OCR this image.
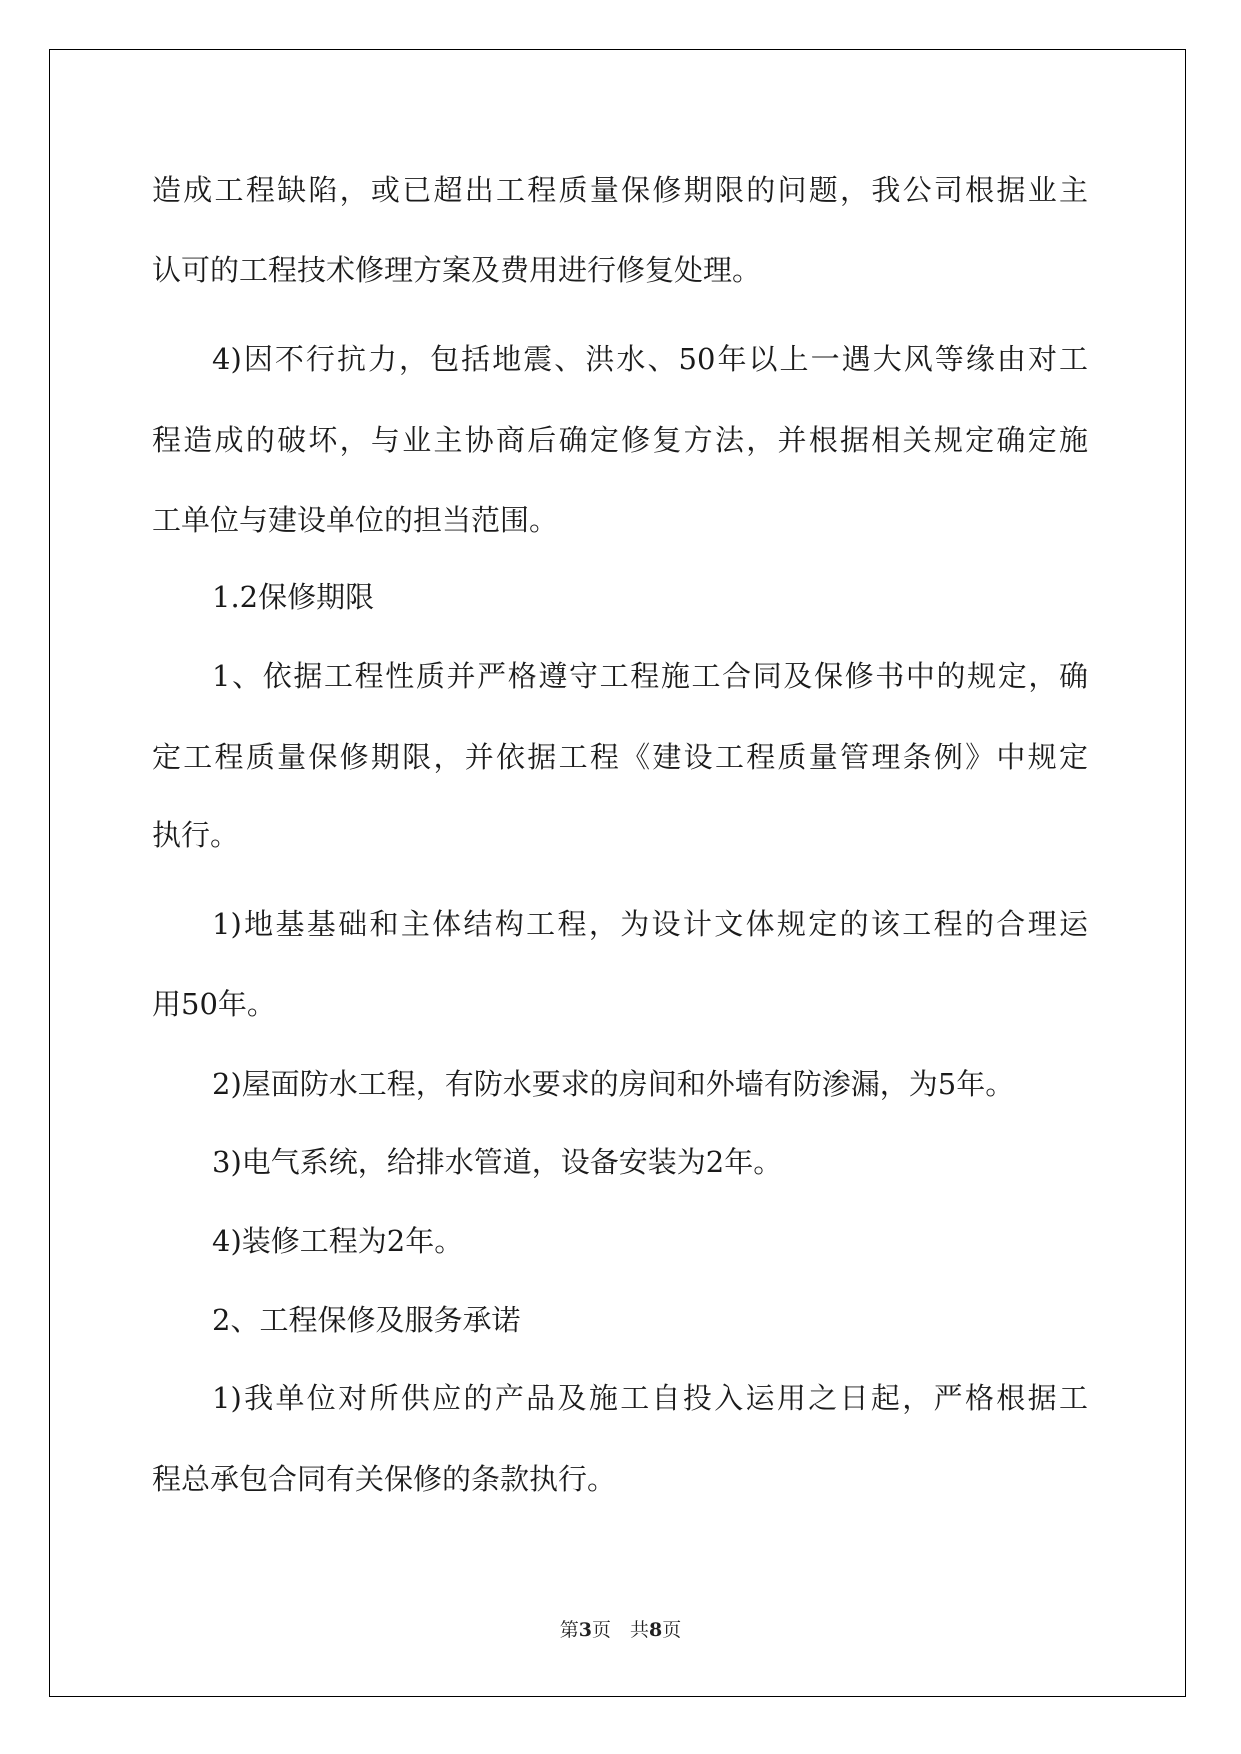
造成工程缺陷，或已超出工程质量保修期限的问题，我公司根据业主

认可的工程技术修理方案及费用进行修复处理。

4)因不行抗力，包括地震、洪水、50年以上一遇大风等缘由对工

程造成的破坏，与业主协商后确定修复方法，并根据相关规定确定施

工单位与建设单位的担当范围。

1.2保修期限

1、依据工程性质并严格遵守工程施工合同及保修书中的规定，确

定工程质量保修期限，并依据工程《建设工程质量管理条例》中规定

执行。

1)地基基础和主体结构工程，为设计文体规定的该工程的合理运

用50年。

2)屋面防水工程，有防水要求的房间和外墙有防渗漏，为5年。

3)电气系统，给排水管道，设备安装为2年。

4)装修工程为2年。

2、工程保修及服务承诺

1)我单位对所供应的产品及施工自投入运用之日起，严格根据工

程总承包合同有关保修的条款执行。

第3页　共8页
